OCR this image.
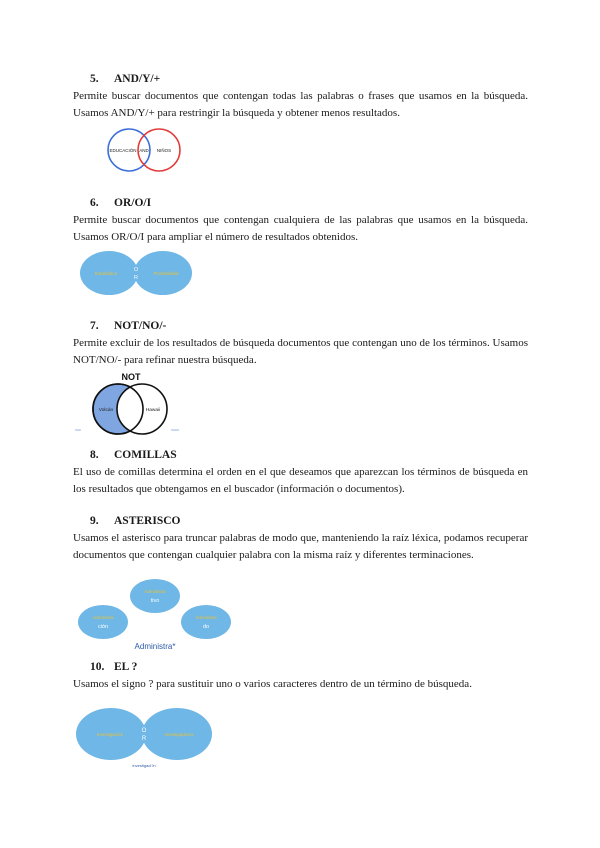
5. AND/Y/+

Permite buscar documentos que contengan todas las palabras o frases que usamos en la búsqueda. Usamos AND/Y/+ para restringir la búsqueda y obtener menos resultados.

EDUCACIÓN AND NIÑOS
6. OR/O/I

Permite buscar documentos que contengan cualquiera de las palabras que usamos en la búsqueda. Usamos OR/O/I para ampliar el número de resultados obtenidos.

Estadística	Probabilidad
O
R
7. NOT/NO/-

Permite excluir de los resultados de búsqueda documentos que contengan uno de los términos. Usamos NOT/NO/- para refinar nuestra búsqueda.

NOT
Volcán	Hawaii
8. COMILLAS

El uso de comillas determina el orden en el que deseamos que aparezcan los términos de búsqueda en los resultados que obtengamos en el buscador (información o documentos).

9. ASTERISCO

Usamos el asterisco para truncar palabras de modo que, manteniendo la raíz léxica, podamos recuperar documentos que contengan cualquier palabra con la misma raíz y diferentes terminaciones.

Administra
tivo
Administra
ción
Administra
do
Administra*
10. EL ?

Usamos el signo ? para sustituir uno o varios caracteres dentro de un término de búsqueda.

Investigación	Investigadores
O
R
Investigaci?n
